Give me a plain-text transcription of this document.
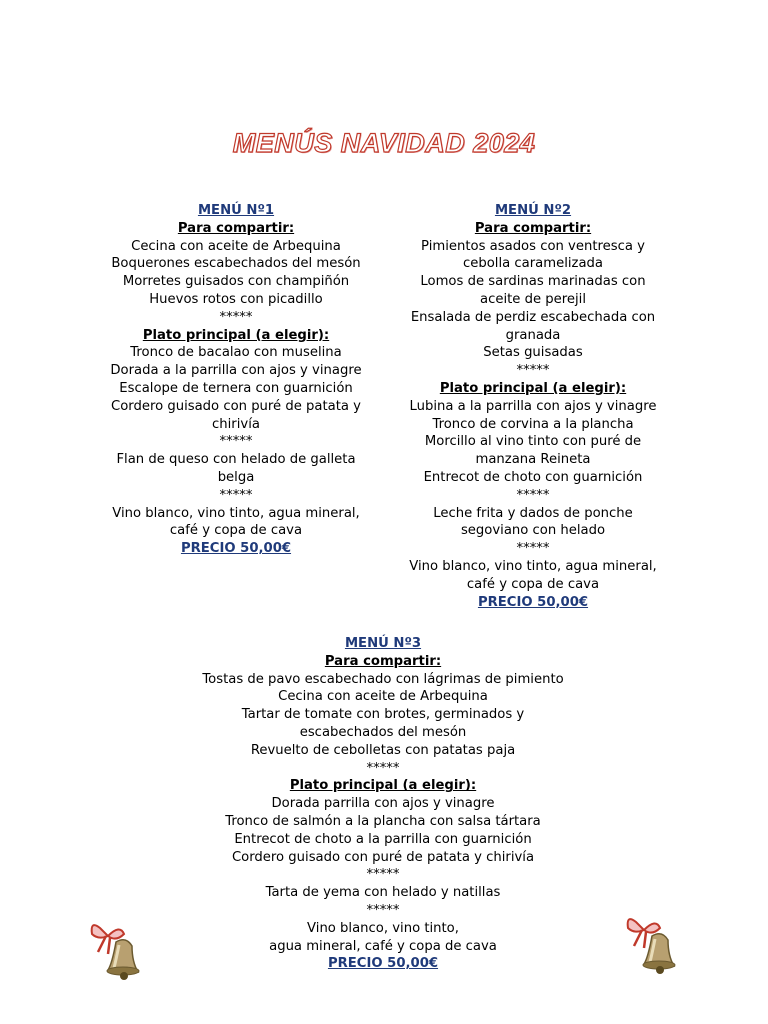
MENÚS NAVIDAD 2024
MENÚ Nº1
Para compartir:
Cecina con aceite de Arbequina
Boquerones escabechados del mesón
Morretes guisados con champiñón
Huevos rotos con picadillo
*****
Plato principal (a elegir):
Tronco de bacalao con muselina
Dorada a la parrilla con ajos y vinagre
Escalope de ternera con guarnición
Cordero guisado con puré de patata y
chirivía
*****
Flan de queso con helado de galleta
belga
*****
Vino blanco, vino tinto, agua mineral,
café y copa de cava
PRECIO 50,00€
MENÚ Nº2
Para compartir:
Pimientos asados con ventresca y
cebolla caramelizada
Lomos de sardinas marinadas con
aceite de perejil
Ensalada de perdiz escabechada con
granada
Setas guisadas
*****
Plato principal (a elegir):
Lubina a la parrilla con ajos y vinagre
Tronco de corvina a la plancha
Morcillo al vino tinto con puré de
manzana Reineta
Entrecot de choto con guarnición
*****
Leche frita y dados de ponche
segoviano con helado
*****
Vino blanco, vino tinto, agua mineral,
café y copa de cava
PRECIO 50,00€
MENÚ Nº3
Para compartir:
Tostas de pavo escabechado con lágrimas de pimiento
Cecina con aceite de Arbequina
Tartar de tomate con brotes, germinados y
escabechados del mesón
Revuelto de cebolletas con patatas paja
*****
Plato principal (a elegir):
Dorada parrilla con ajos y vinagre
Tronco de salmón a la plancha con salsa tártara
Entrecot de choto a la parrilla con guarnición
Cordero guisado con puré de patata y chirivía
*****
Tarta de yema con helado y natillas
*****
Vino blanco, vino tinto,
agua mineral, café y copa de cava
PRECIO 50,00€
